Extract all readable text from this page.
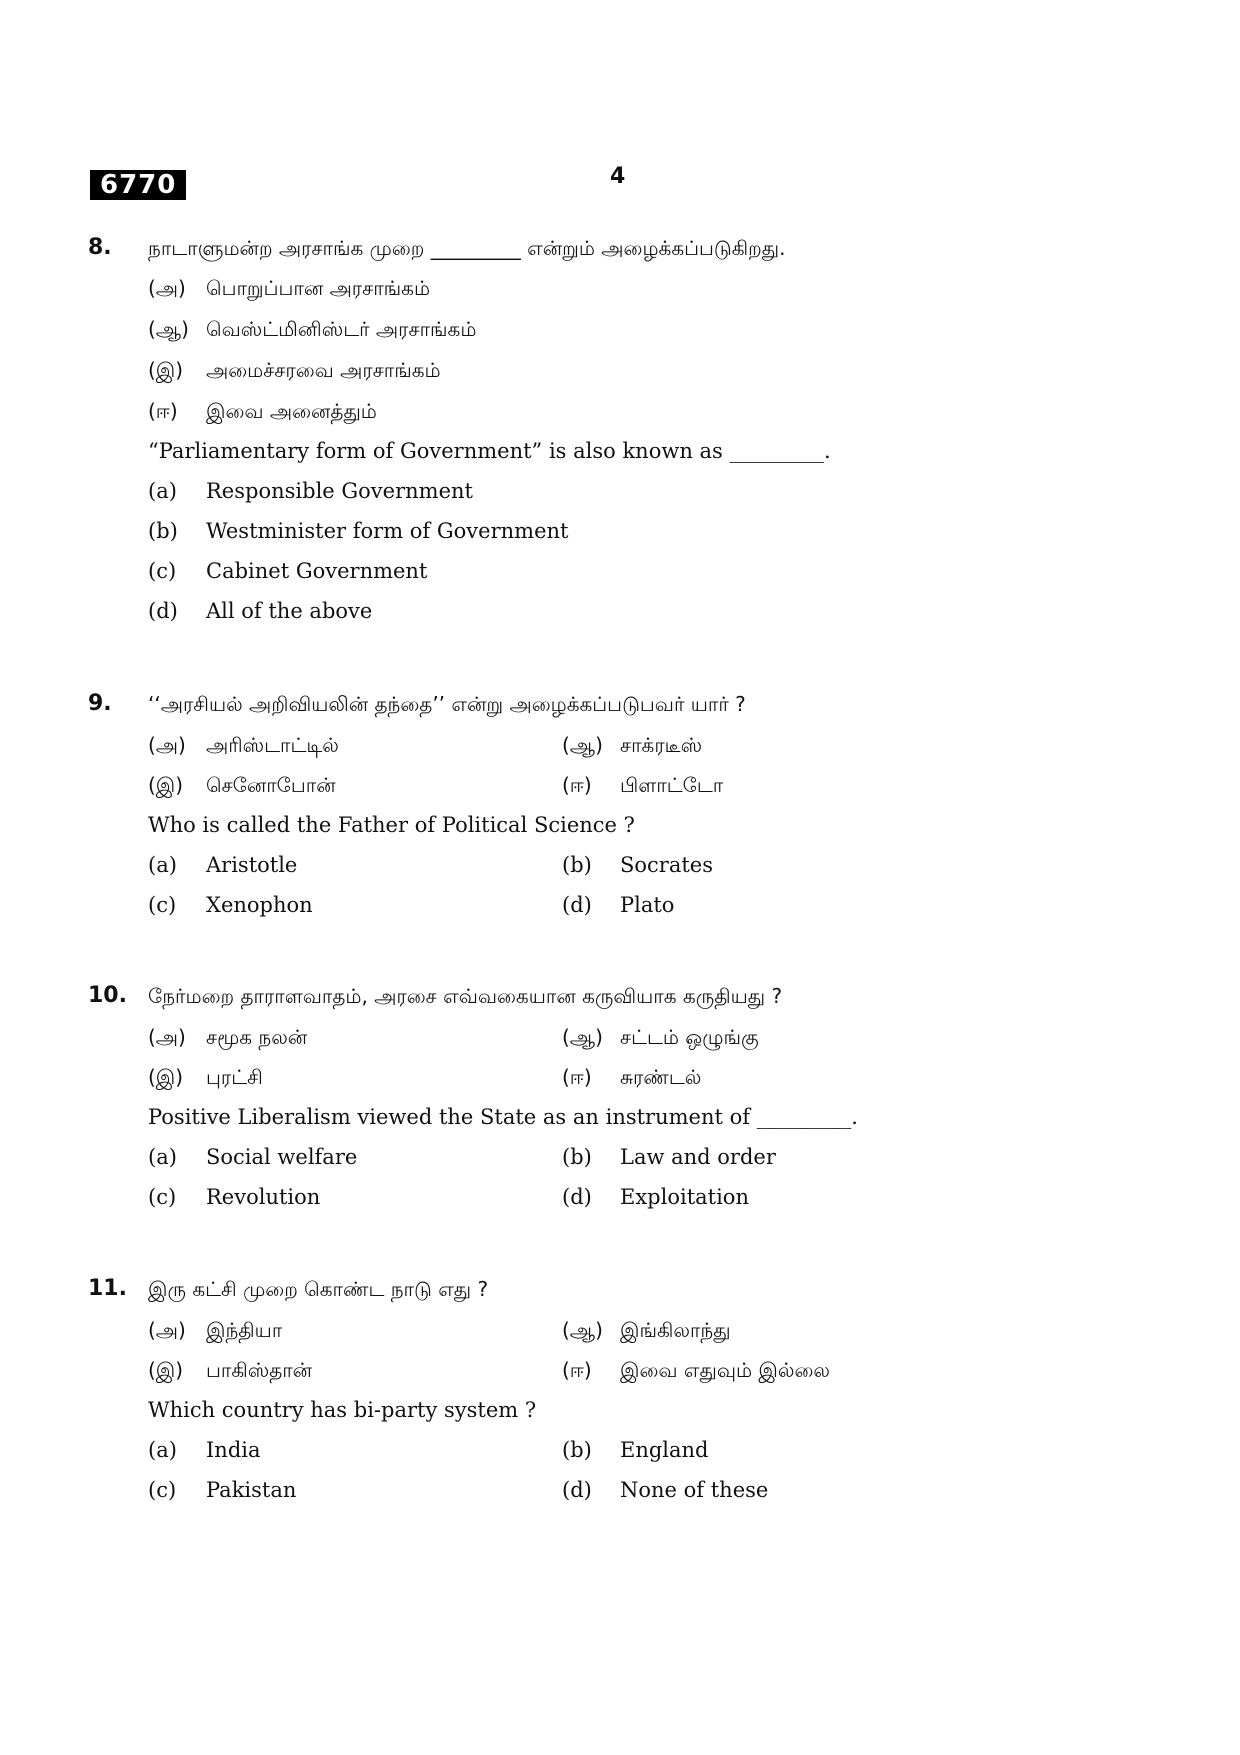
6770	4
8. நாடாளுமன்ற அரசாங்க முறை _________ என்றும் அழைக்கப்படுகிறது.
(அ) பொறுப்பான அரசாங்கம்
(ஆ) வெஸ்ட்மினிஸ்டர் அரசாங்கம்
(இ) அமைச்சரவை அரசாங்கம்
(ஈ) இவை அனைத்தும்
“Parliamentary form of Government” is also known as _________.
(a) Responsible Government
(b) Westminister form of Government
(c) Cabinet Government
(d) All of the above
9. ‘‘அரசியல் அறிவியலின் தந்தை’’ என்று அழைக்கப்படுபவர் யார் ?
(அ) அரிஸ்டாட்டில்	(ஆ) சாக்ரடீஸ்
(இ) செனோபோன்	(ஈ) பிளாட்டோ
Who is called the Father of Political Science ?
(a) Aristotle	(b) Socrates
(c) Xenophon	(d) Plato
10. நேர்மறை தாராளவாதம், அரசை எவ்வகையான கருவியாக கருதியது ?
(அ) சமூக நலன்	(ஆ) சட்டம் ஒழுங்கு
(இ) புரட்சி	(ஈ) சுரண்டல்
Positive Liberalism viewed the State as an instrument of _________.
(a) Social welfare	(b) Law and order
(c) Revolution	(d) Exploitation
11. இரு கட்சி முறை கொண்ட நாடு எது ?
(அ) இந்தியா	(ஆ) இங்கிலாந்து
(இ) பாகிஸ்தான்	(ஈ) இவை எதுவும் இல்லை
Which country has bi-party system ?
(a) India	(b) England
(c) Pakistan	(d) None of these
